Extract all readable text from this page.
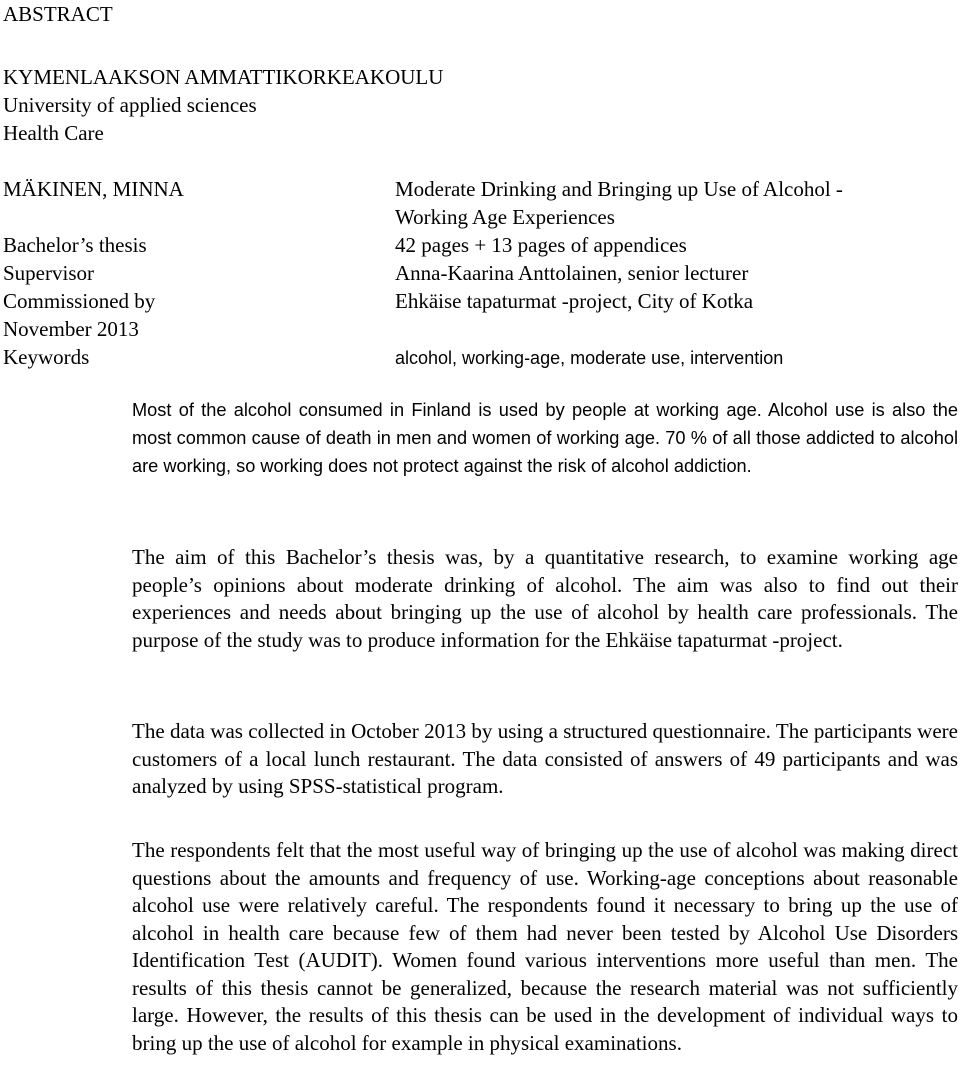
ABSTRACT
KYMENLAAKSON AMMATTIKORKEAKOULU
University of applied sciences
Health Care
MÄKINEN, MINNA	Moderate Drinking and Bringing up Use of Alcohol -
Working Age Experiences
Bachelor’s thesis	42 pages + 13 pages of appendices
Supervisor	Anna-Kaarina Anttolainen, senior lecturer
Commissioned by	Ehkäise tapaturmat -project, City of Kotka
November 2013
Keywords	alcohol, working-age, moderate use, intervention

Most of the alcohol consumed in Finland is used by people at working age. Alcohol use is also the most common cause of death in men and women of working age. 70 % of all those addicted to alcohol are working, so working does not protect against the risk of alcohol addiction.

The aim of this Bachelor’s thesis was, by a quantitative research, to examine working age people’s opinions about moderate drinking of alcohol. The aim was also to find out their experiences and needs about bringing up the use of alcohol by health care professionals. The purpose of the study was to produce information for the Ehkäise tapaturmat -project.

The data was collected in October 2013 by using a structured questionnaire. The participants were customers of a local lunch restaurant. The data consisted of answers of 49 participants and was analyzed by using SPSS-statistical program.

The respondents felt that the most useful way of bringing up the use of alcohol was making direct questions about the amounts and frequency of use. Working-age conceptions about reasonable alcohol use were relatively careful. The respondents found it necessary to bring up the use of alcohol in health care because few of them had never been tested by Alcohol Use Disorders Identification Test (AUDIT). Women found various interventions more useful than men. The results of this thesis cannot be generalized, because the research material was not sufficiently large. However, the results of this thesis can be used in the development of individual ways to bring up the use of alcohol for example in physical examinations.
